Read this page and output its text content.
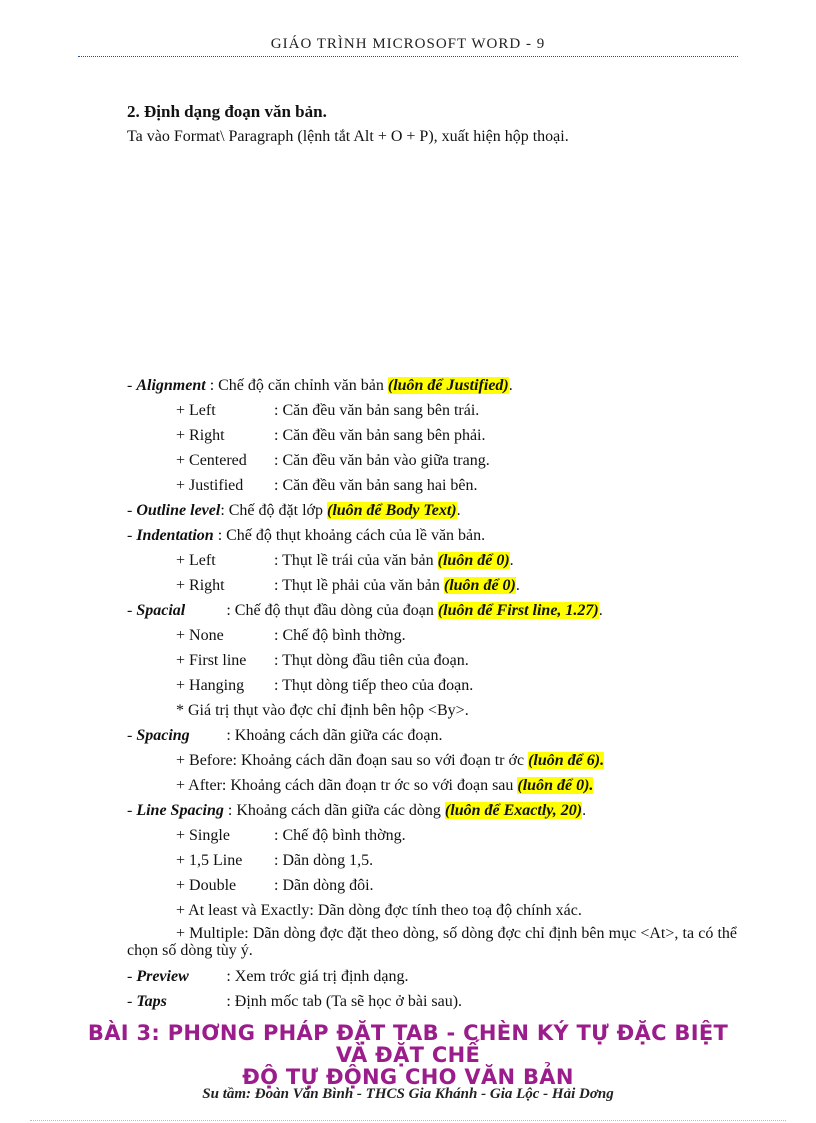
GIÁO TRÌNH MICROSOFT WORD - 9
2. Định dạng đoạn văn bản.
Ta vào Format\ Paragraph (lệnh tắt Alt + O + P), xuất hiện hộp thoại.
- Alignment : Chế độ căn chỉnh văn bản (luôn để Justified).
+ Left	: Căn đều văn bản sang bên trái.
+ Right	: Căn đều văn bản sang bên phải.
+ Centered : Căn đều văn bản vào giữa trang.
+ Justified : Căn đều văn bản sang hai bên.
- Outline level: Chế độ đặt lớp (luôn để Body Text).
- Indentation : Chế độ thụt khoảng cách của lề văn bản.
+ Left	: Thụt lề trái của văn bản (luôn để 0).
+ Right	: Thụt lề phải của văn bản (luôn để 0).
- Spacial	: Chế độ thụt đầu dòng của đoạn (luôn để First line, 1.27).
+ None	: Chế độ bình thờng.
+ First line : Thụt dòng đầu tiên của đoạn.
+ Hanging : Thụt dòng tiếp theo của đoạn.
* Giá trị thụt vào đợc chỉ định bên hộp <By>.
- Spacing : Khoảng cách dãn giữa các đoạn.
+ Before: Khoảng cách dãn đoạn sau so với đoạn tr ớc (luôn để 6).
+ After: Khoảng cách dãn đoạn tr ớc so với đoạn sau (luôn để 0).
- Line Spacing : Khoảng cách dãn giữa các dòng (luôn để Exactly, 20).
+ Single	: Chế độ bình thờng.
+ 1,5 Line : Dãn dòng 1,5.
+ Double : Dãn dòng đôi.
+ At least và Exactly: Dãn dòng đợc tính theo toạ độ chính xác.
+ Multiple: Dãn dòng đợc đặt theo dòng, số dòng đợc chỉ định bên mục <At>, ta có thể chọn số dòng tùy ý.
- Preview : Xem trớc giá trị định dạng.
- Taps	: Định mốc tab (Ta sẽ học ở bài sau).
BÀI 3: PHƠNG PHÁP ĐẶT TAB - CHÈN KÝ TỰ ĐẶC BIỆT VÀ ĐẶT CHẾ
ĐỘ TỰ ĐỘNG CHO VĂN BẢN
Su tầm: Đoàn Văn Bình - THCS Gia Khánh - Gia Lộc - Hải Dơng
